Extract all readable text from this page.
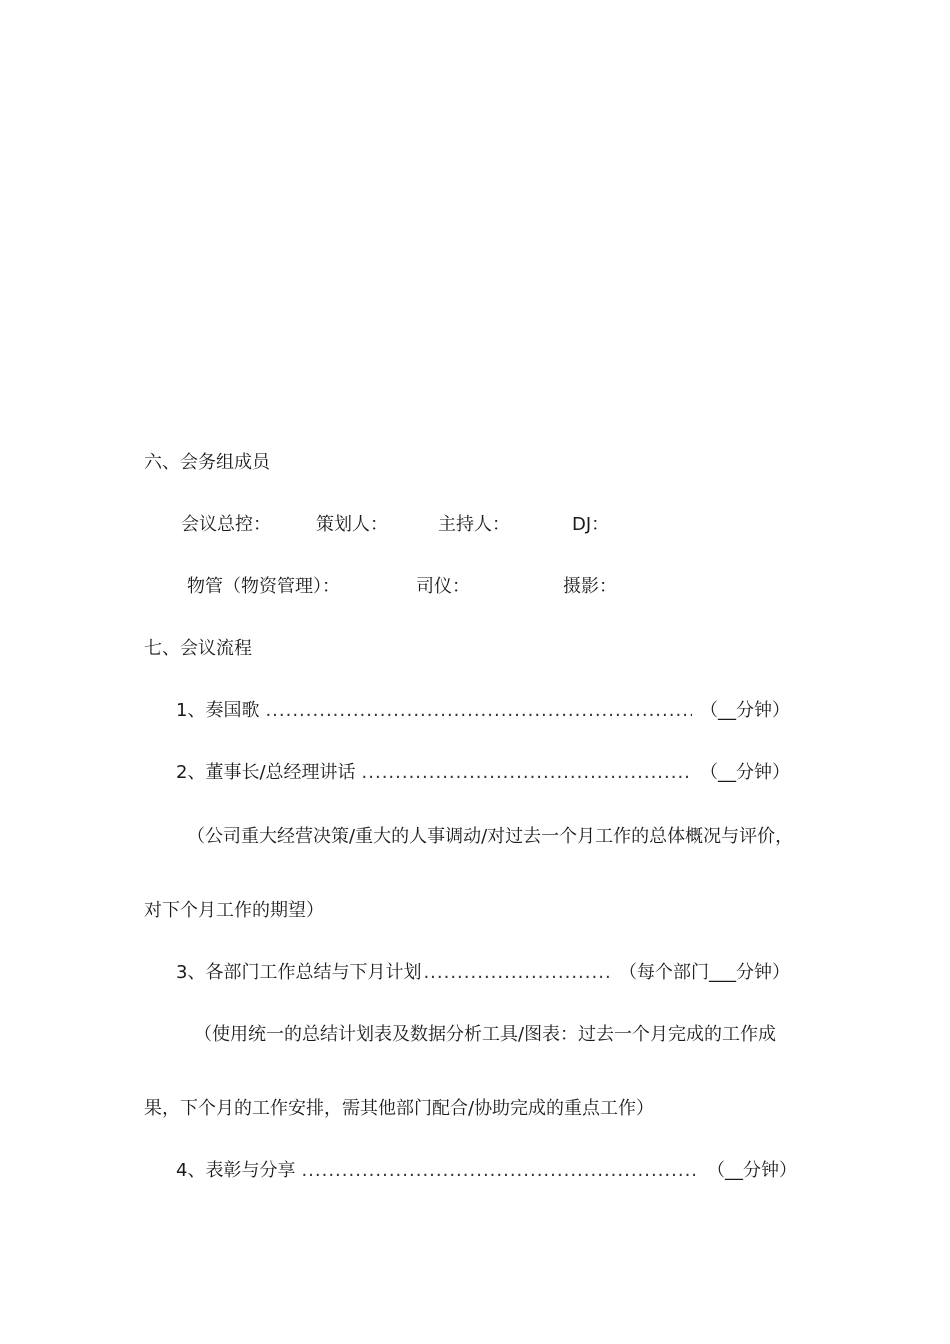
六、会务组成员
会议总控：	策划人：	主持人：	DJ：
物管（物资管理）：	司仪：	摄影：
七、会议流程
1、奏国歌 .....	（__分钟）
2、董事长/总经理讲话 .....	（__分钟）
（公司重大经营决策/重大的人事调动/对过去一个月工作的总体概况与评价，
对下个月工作的期望）
3、各部门工作总结与下月计划 .....	（每个部门___分钟）
（使用统一的总结计划表及数据分析工具/图表：过去一个月完成的工作成
果，下个月的工作安排，需其他部门配合/协助完成的重点工作）
4、表彰与分享 .....	（__分钟）
